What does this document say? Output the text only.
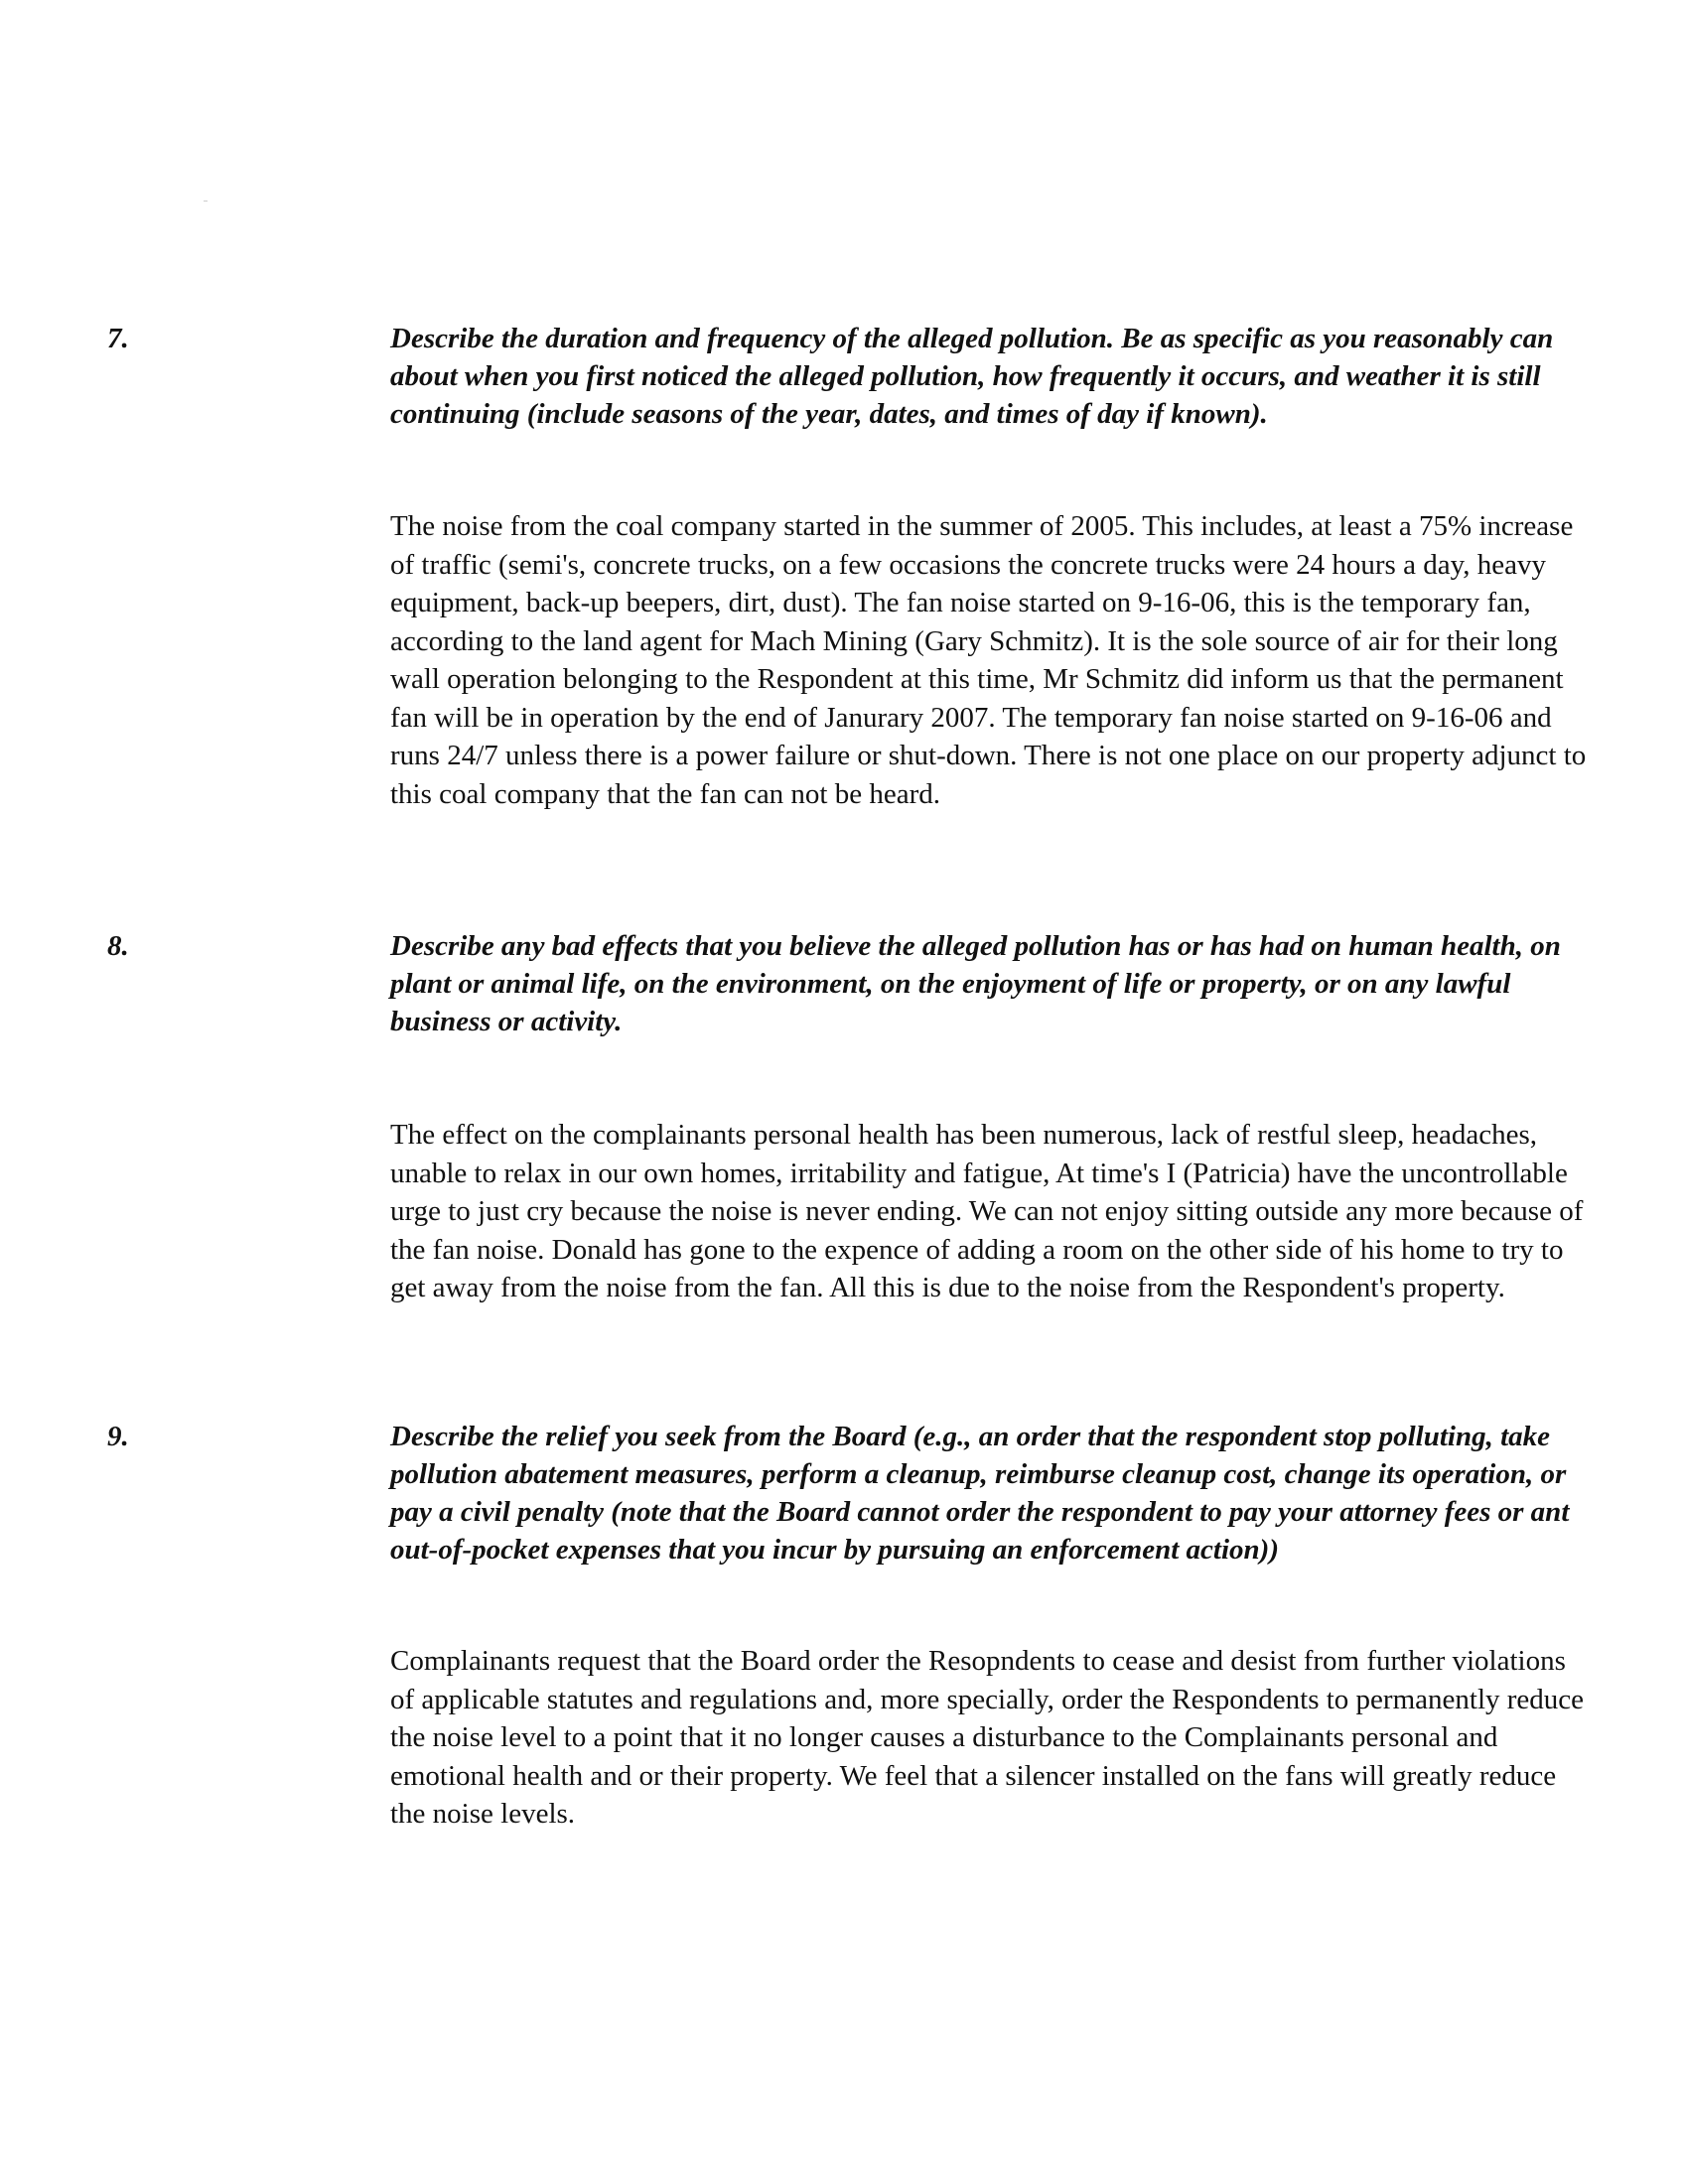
7.	Describe the duration and frequency of the alleged pollution. Be as specific as you reasonably can about when you first noticed the alleged pollution, how frequently it occurs, and weather it is still continuing (include seasons of the year, dates, and times of day if known).

The noise from the coal company started in the summer of 2005. This includes, at least a 75% increase of traffic (semi's, concrete trucks, on a few occasions the concrete trucks were 24 hours a day, heavy equipment, back-up beepers, dirt, dust). The fan noise started on 9-16-06, this is the temporary fan, according to the land agent for Mach Mining (Gary Schmitz). It is the sole source of air for their long wall operation belonging to the Respondent at this time, Mr Schmitz did inform us that the permanent fan will be in operation by the end of Janurary 2007. The temporary fan noise started on 9-16-06 and runs 24/7 unless there is a power failure or shut-down. There is not one place on our property adjunct to this coal company that the fan can not be heard.

8.	Describe any bad effects that you believe the alleged pollution has or has had on human health, on plant or animal life, on the environment, on the enjoyment of life or property, or on any lawful business or activity.

The effect on the complainants personal health has been numerous, lack of restful sleep, headaches, unable to relax in our own homes, irritability and fatigue, At time's I (Patricia) have the uncontrollable urge to just cry because the noise is never ending. We can not enjoy sitting outside any more because of the fan noise. Donald has gone to the expence of adding a room on the other side of his home to try to get away from the noise from the fan. All this is due to the noise from the Respondent's property.

9.	Describe the relief you seek from the Board (e.g., an order that the respondent stop polluting, take pollution abatement measures, perform a cleanup, reimburse cleanup cost, change its operation, or pay a civil penalty (note that the Board cannot order the respondent to pay your attorney fees or ant out-of-pocket expenses that you incur by pursuing an enforcement action))

Complainants request that the Board order the Resopndents to cease and desist from further violations of applicable statutes and regulations and, more specially, order the Respondents to permanently reduce the noise level to a point that it no longer causes a disturbance to the Complainants personal and emotional health and or their property. We feel that a silencer installed on the fans will greatly reduce the noise levels.
